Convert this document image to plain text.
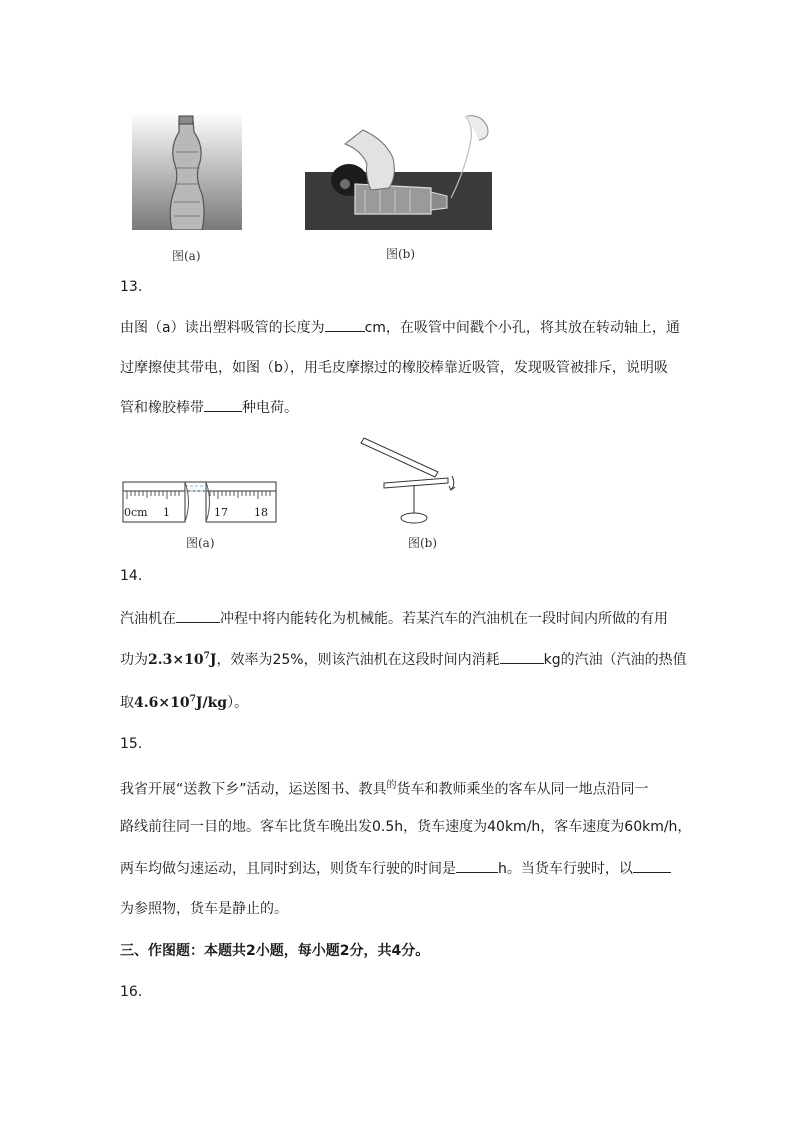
图(a)	图(b)
13.
由图（a）读出塑料吸管的长度为	cm，在吸管中间戳个小孔，将其放在转动轴上，通
过摩擦使其带电，如图（b），用毛皮摩擦过的橡胶棒靠近吸管，发现吸管被排斥，说明吸
管和橡胶棒带	种电荷。
0cm 1	17 18
图(a)	图(b)
14.
汽油机在	冲程中将内能转化为机械能。若某汽车的汽油机在一段时间内所做的有用
功为$2.3\times 10^7J$，效率为25%，则该汽油机在这段时间内消耗	kg的汽油（汽油的热值
取$4.6\times 10^7J/kg$）。
15.
我省开展“送教下乡”活动，运送图书、教具$^的$货车和教师乘坐的客车从同一地点沿同一
路线前往同一目的地。客车比货车晚出发0.5h，货车速度为40km/h，客车速度为60km/h，
两车均做匀速运动，且同时到达，则货车行驶的时间是	h。当货车行驶时，以
为参照物，货车是静止的。
三、作图题：本题共2小题，每小题2分，共4分。
16.
